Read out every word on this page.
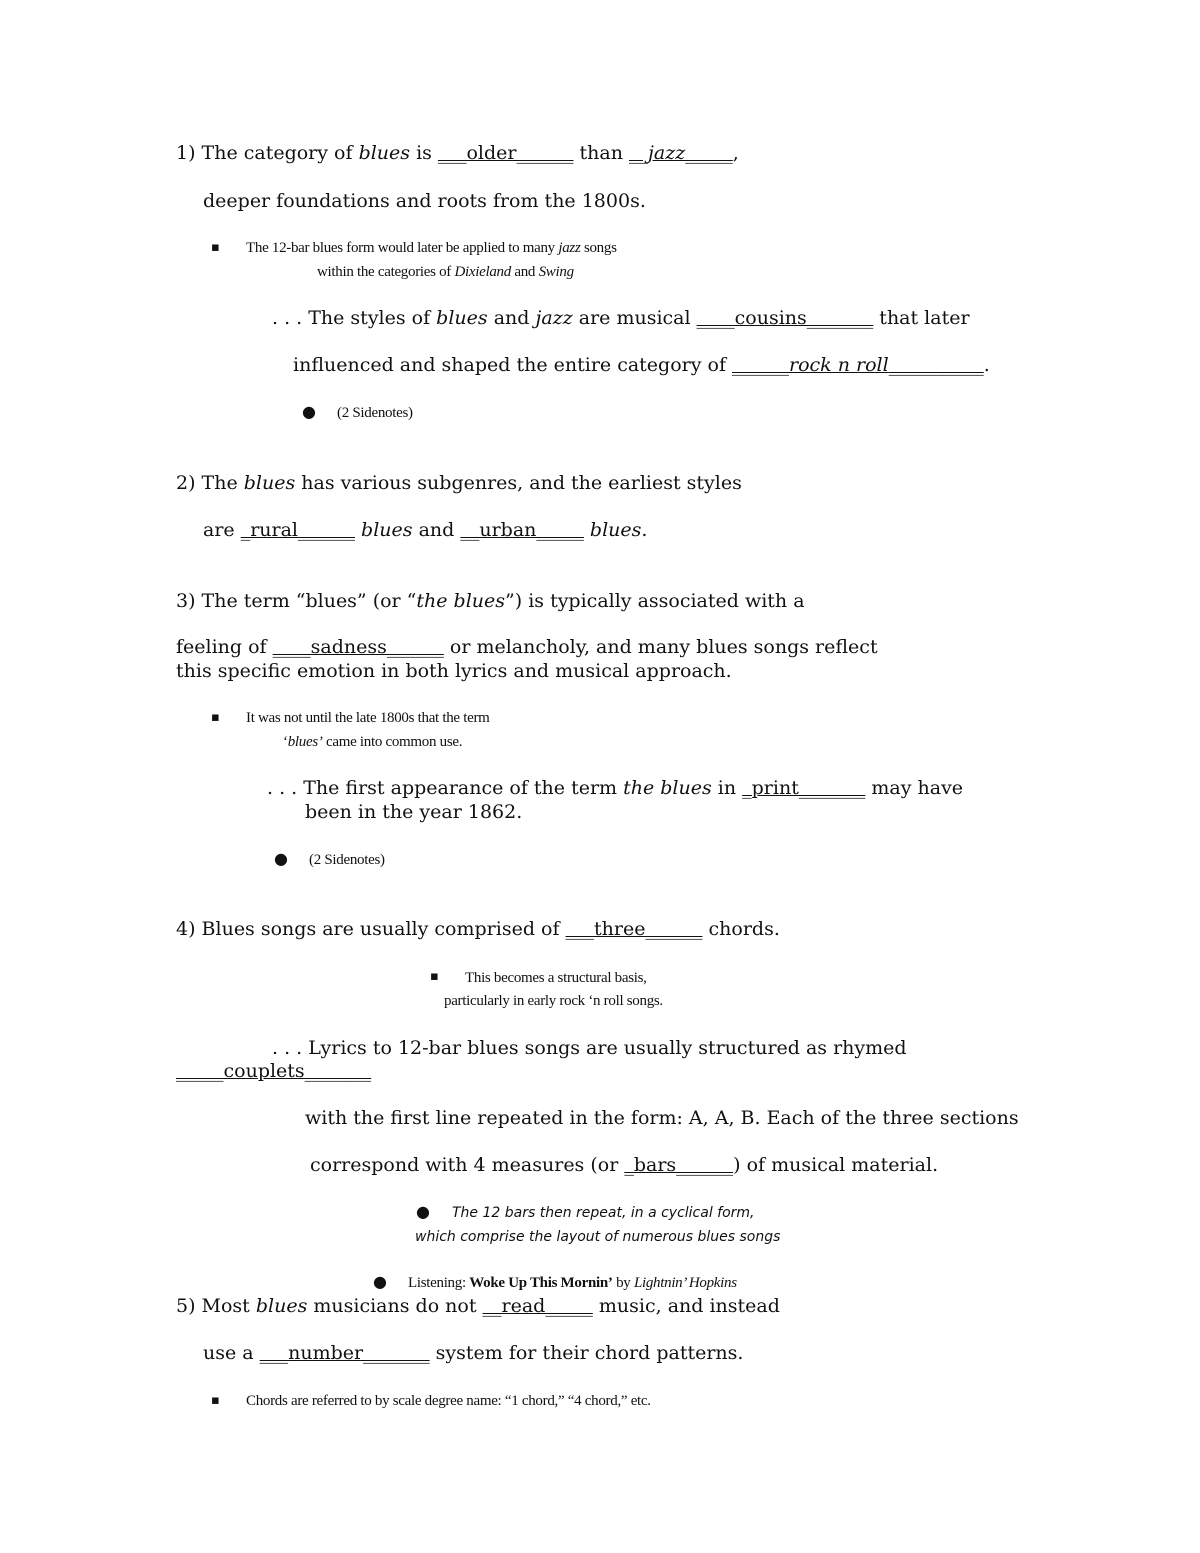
1) The category of blues is ___older______ than __jazz_____,
deeper foundations and roots from the 1800s.
▪ The 12-bar blues form would later be applied to many jazz songs
within the categories of Dixieland and Swing
. . . The styles of blues and jazz are musical ____cousins_______ that later
influenced and shaped the entire category of ______rock n roll__________.
● (2 Sidenotes)
2) The blues has various subgenres, and the earliest styles
are _rural______ blues and __urban_____ blues.
3) The term “blues” (or “the blues”) is typically associated with a
feeling of ____sadness______ or melancholy, and many blues songs reflect
this specific emotion in both lyrics and musical approach.
▪ It was not until the late 1800s that the term
‘blues’ came into common use.
. . . The first appearance of the term the blues in _print_______ may have
been in the year 1862.
● (2 Sidenotes)
4) Blues songs are usually comprised of ___three______ chords.
▪ This becomes a structural basis,
particularly in early rock ‘n roll songs.
. . . Lyrics to 12-bar blues songs are usually structured as rhymed
_____couplets_______
with the first line repeated in the form: A, A, B. Each of the three sections
correspond with 4 measures (or _bars______) of musical material.
● The 12 bars then repeat, in a cyclical form,
which comprise the layout of numerous blues songs
● Listening: Woke Up This Mornin’ by Lightnin’ Hopkins
5) Most blues musicians do not __read_____ music, and instead
use a ___number_______ system for their chord patterns.
▪ Chords are referred to by scale degree name: “1 chord,” “4 chord,” etc.
